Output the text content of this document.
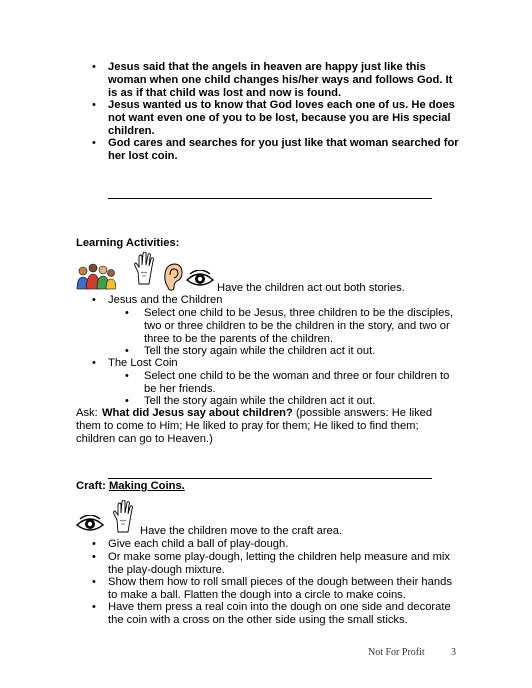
• Jesus said that the angels in heaven are happy just like this woman when one child changes his/her ways and follows God. It is as if that child was lost and now is found.
• Jesus wanted us to know that God loves each one of us. He does not want even one of you to be lost, because you are His special children.
• God cares and searches for you just like that woman searched for her lost coin.
Learning Activities:
Have the children act out both stories.
• Jesus and the Children
• Select one child to be Jesus, three children to be the disciples, two or three children to be the children in the story, and two or three to be the parents of the children.
• Tell the story again while the children act it out.
• The Lost Coin
• Select one child to be the woman and three or four children to be her friends.
• Tell the story again while the children act it out.
Ask: What did Jesus say about children? (possible answers: He liked them to come to Him; He liked to pray for them; He liked to find them; children can go to Heaven.)
Craft: Making Coins.
Have the children move to the craft area.
• Give each child a ball of play-dough.
• Or make some play-dough, letting the children help measure and mix the play-dough mixture.
• Show them how to roll small pieces of the dough between their hands to make a ball. Flatten the dough into a circle to make coins.
• Have them press a real coin into the dough on one side and decorate the coin with a cross on the other side using the small sticks.
Not For Profit	3
